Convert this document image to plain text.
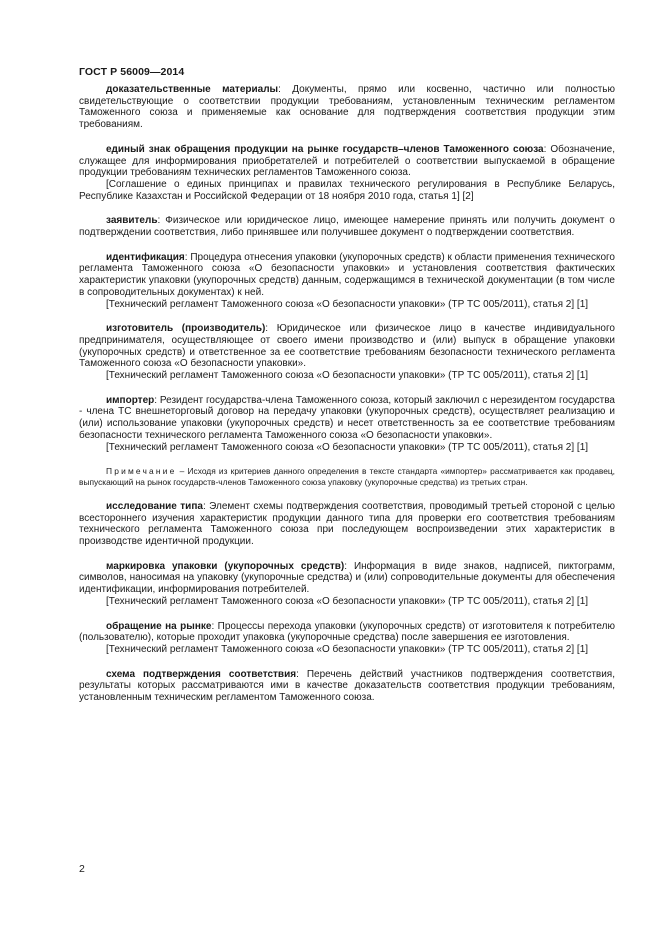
ГОСТ Р 56009—2014

доказательственные материалы: Документы, прямо или косвенно, частично или полностью свидетельствующие о соответствии продукции требованиям, установленным техническим регламентом Таможенного союза и применяемые как основание для подтверждения соответствия продукции этим требованиям.

единый знак обращения продукции на рынке государств–членов Таможенного союза: Обозначение, служащее для информирования приобретателей и потребителей о соответствии выпускаемой в обращение продукции требованиям технических регламентов Таможенного союза.

[Соглашение о единых принципах и правилах технического регулирования в Республике Беларусь, Республике Казахстан и Российской Федерации от 18 ноября 2010 года, статья 1] [2]

заявитель: Физическое или юридическое лицо, имеющее намерение принять или получить документ о подтверждении соответствия, либо принявшее или получившее документ о подтверждении соответствия.

идентификация: Процедура отнесения упаковки (укупорочных средств) к области применения технического регламента Таможенного союза «О безопасности упаковки» и установления соответствия фактических характеристик упаковки (укупорочных средств) данным, содержащимся в технической документации (в том числе в сопроводительных документах) к ней.

[Технический регламент Таможенного союза «О безопасности упаковки» (ТР ТС 005/2011), статья 2] [1]

изготовитель (производитель): Юридическое или физическое лицо в качестве индивидуального предпринимателя, осуществляющее от своего имени производство и (или) выпуск в обращение упаковки (укупорочных средств) и ответственное за ее соответствие требованиям безопасности технического регламента Таможенного союза «О безопасности упаковки».

[Технический регламент Таможенного союза «О безопасности упаковки» (ТР ТС 005/2011), статья 2] [1]

импортер: Резидент государства-члена Таможенного союза, который заключил с нерезидентом государства - члена ТС внешнеторговый договор на передачу упаковки (укупорочных средств), осуществляет реализацию и (или) использование упаковки (укупорочных средств) и несет ответственность за ее соответствие требованиям безопасности технического регламента Таможенного союза «О безопасности упаковки».

[Технический регламент Таможенного союза «О безопасности упаковки» (ТР ТС 005/2011), статья 2] [1]

Примечание – Исходя из критериев данного определения в тексте стандарта «импортер» рассматривается как продавец, выпускающий на рынок государств-членов Таможенного союза упаковку (укупорочные средства) из третьих стран.

исследование типа: Элемент схемы подтверждения соответствия, проводимый третьей стороной с целью всестороннего изучения характеристик продукции данного типа для проверки его соответствия требованиям технического регламента Таможенного союза при последующем воспроизведении этих характеристик в производстве идентичной продукции.

маркировка упаковки (укупорочных средств): Информация в виде знаков, надписей, пиктограмм, символов, наносимая на упаковку (укупорочные средства) и (или) сопроводительные документы для обеспечения идентификации, информирования потребителей.

[Технический регламент Таможенного союза «О безопасности упаковки» (ТР ТС 005/2011), статья 2] [1]

обращение на рынке: Процессы перехода упаковки (укупорочных средств) от изготовителя к потребителю (пользователю), которые проходит упаковка (укупорочные средства) после завершения ее изготовления.

[Технический регламент Таможенного союза «О безопасности упаковки» (ТР ТС 005/2011), статья 2] [1]

схема подтверждения соответствия: Перечень действий участников подтверждения соответствия, результаты которых рассматриваются ими в качестве доказательств соответствия продукции требованиям, установленным техническим регламентом Таможенного союза.

2
